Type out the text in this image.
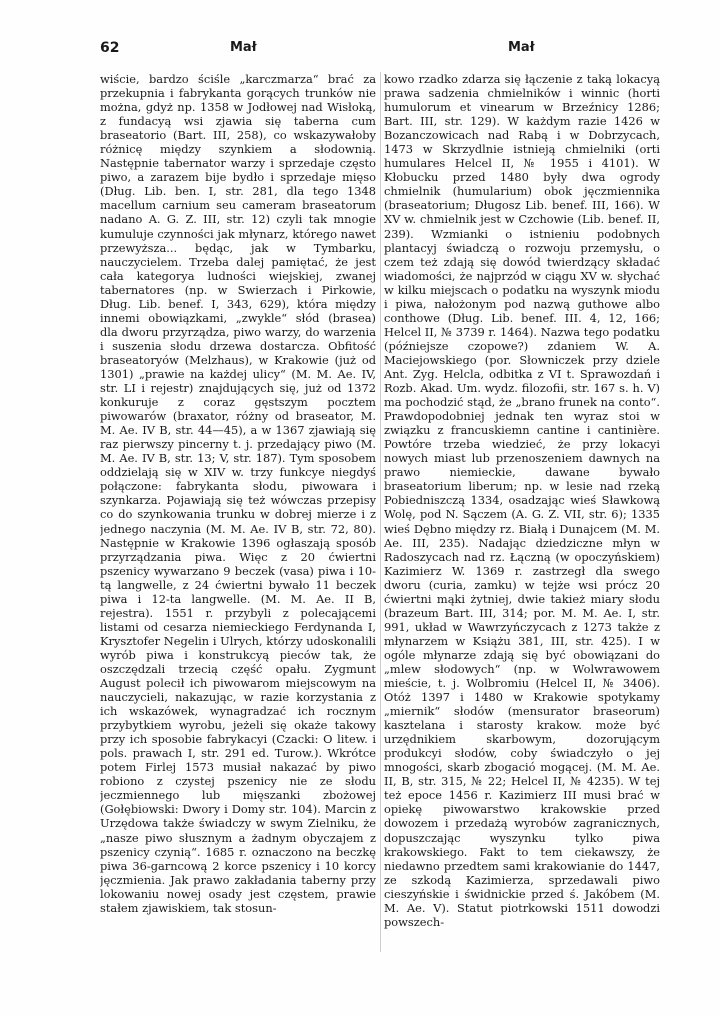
62	Mał	Mał

wiście, bardzo ściśle „karczmarza“ brać za przekupnia i fabrykanta gorących trunków nie można, gdyż np. 1358 w Jodłowej nad Wisłoką, z fundacyą wsi zjawia się taberna cum braseatorio (Bart. III, 258), co wskazywałoby różnicę między szynkiem a słodownią. Następnie tabernator warzy i sprzedaje często piwo, a zarazem bije bydło i sprzedaje mięso (Dług. Lib. ben. I, str. 281, dla tego 1348 macellum carnium seu cameram braseatorum nadano A. G. Z. III, str. 12) czyli tak mnogie kumuluje czynności jak młynarz, którego nawet przewyższa... będąc, jak w Tymbarku, nauczycielem. Trzeba dalej pamiętać, że jest cała kategorya ludności wiejskiej, zwanej tabernatores (np. w Swierzach i Pirkowie, Dług. Lib. benef. I, 343, 629), która między innemi obowiązkami, „zwykle“ słód (brasea) dla dworu przyrządza, piwo warzy, do warzenia i suszenia słodu drzewa dostarcza. Obfitość braseatoryów (Melzhaus), w Krakowie (już od 1301) „prawie na każdej ulicy“ (M. M. Ae. IV, str. LI i rejestr) znajdujących się, już od 1372 konkuruje z coraz gęstszym pocztem piwowarów (braxator, różny od braseator, M. M. Ae. IV B, str. 44—45), a w 1367 zjawiają się raz pierwszy pincerny t. j. przedający piwo (M. M. Ae. IV B, str. 13; V, str. 187). Tym sposobem oddzielają się w XIV w. trzy funkcye niegdyś połączone: fabrykanta słodu, piwowara i szynkarza. Pojawiają się też wówczas przepisy co do szynkowania trunku w dobrej mierze i z jednego naczynia (M. M. Ae. IV B, str. 72, 80). Następnie w Krakowie 1396 ogłaszają sposób przyrządzania piwa. Więc z 20 ćwiertni pszenicy wywarzano 9 beczek (vasa) piwa i 10-tą langwelle, z 24 ćwiertni bywało 11 beczek piwa i 12-ta langwelle. (M. M. Ae. II B, rejestra). 1551 r. przybyli z polecającemi listami od cesarza niemieckiego Ferdynanda I, Krysztofer Negelin i Ulrych, którzy udoskonalili wyrób piwa i konstrukcyą pieców tak, że oszczędzali trzecią część opału. Zygmunt August polecił ich piwowarom miejscowym na nauczycieli, nakazując, w razie korzystania z ich wskazówek, wynagradzać ich rocznym przybytkiem wyrobu, jeżeli się okaże takowy przy ich sposobie fabrykacyi (Czacki: O litew. i pols. prawach I, str. 291 ed. Turow.). Wkrótce potem Firlej 1573 musiał nakazać by piwo robiono z czystej pszenicy nie ze słodu jeczmiennego lub mięszanki zbożowej (Gołębiowski: Dwory i Domy str. 104). Marcin z Urzędowa także świadczy w swym Zielniku, że „nasze piwo słusznym a żadnym obyczajem z pszenicy czynią“. 1685 r. oznaczono na beczkę piwa 36-garncową 2 korce pszenicy i 10 korcy jęczmienia. Jak prawo zakładania taberny przy lokowaniu nowej osady jest częstem, prawie stałem zjawiskiem, tak stosun-

kowo rzadko zdarza się łączenie z taką lokacyą prawa sadzenia chmielników i winnic (horti humulorum et vinearum w Brzeźnicy 1286; Bart. III, str. 129). W każdym razie 1426 w Bozanczowicach nad Rabą i w Dobrzycach, 1473 w Skrzydlnie istnieją chmielniki (orti humulares Helcel II, № 1955 i 4101). W Kłobucku przed 1480 były dwa ogrody chmielnik (humularium) obok jęczmiennika (braseatorium; Długosz Lib. benef. III, 166). W XV w. chmielnik jest w Czchowie (Lib. benef. II, 239). Wzmianki o istnieniu podobnych plantacyj świadczą o rozwoju przemysłu, o czem też zdają się dowód twierdzący składać wiadomości, że najprzód w ciągu XV w. słychać w kilku miejscach o podatku na wyszynk miodu i piwa, nałożonym pod nazwą guthowe albo conthowe (Dług. Lib. benef. III. 4, 12, 166; Helcel II, № 3739 r. 1464). Nazwa tego podatku (późniejsze czopowe?) zdaniem W. A. Maciejowskiego (por. Słowniczek przy dziele Ant. Zyg. Helcla, odbitka z VI t. Sprawozdań i Rozb. Akad. Um. wydz. filozofii, str. 167 s. h. V) ma pochodzić stąd, że „brano frunek na conto“. Prawdopodobniej jednak ten wyraz stoi w związku z francuskiemn cantine i cantinière. Powtóre trzeba wiedzieć, że przy lokacyi nowych miast lub przenoszeniem dawnych na prawo niemieckie, dawane bywało braseatorium liberum; np. w lesie nad rzeką Pobiedniszczą 1334, osadzając wieś Sławkową Wolę, pod N. Sączem (A. G. Z. VII, str. 6); 1335 wieś Dębno między rz. Białą i Dunajcem (M. M. Ae. III, 235). Nadając dziedziczne młyn w Radoszycach nad rz. Łączną (w opoczyńskiem) Kazimierz W. 1369 r. zastrzegł dla swego dworu (curia, zamku) w tejże wsi prócz 20 ćwiertni mąki żytniej, dwie takież miary słodu (brazeum Bart. III, 314; por. M. M. Ae. I, str. 991, układ w Wawrzyńczycach z 1273 także z młynarzem w Książu 381, III, str. 425). I w ogóle młynarze zdają się być obowiązani do „mlew słodowych“ (np. w Wolwrawowem mieście, t. j. Wolbromiu (Helcel II, № 3406). Otóż 1397 i 1480 w Krakowie spotykamy „miernik“ słodów (mensurator braseorum) kasztelana i starosty krakow. może być urzędnikiem skarbowym, dozorującym produkcyi słodów, coby świadczyło o jej mnogości, skarb zbogació mogącej. (M. M. Ae. II, B, str. 315, № 22; Helcel II, № 4235). W tej też epoce 1456 r. Kazimierz III musi brać w opiekę piwowarstwo krakowskie przed dowozem i przedażą wyrobów zagranicznych, dopuszczając wyszynku tylko piwa krakowskiego. Fakt to tem ciekawszy, że niedawno przedtem sami krakowianie do 1447, ze szkodą Kazimierza, sprzedawali piwo cieszyńskie i świdnickie przed ś. Jakóbem (M. M. Ae. V). Statut piotrkowski 1511 dowodzi powszech-
